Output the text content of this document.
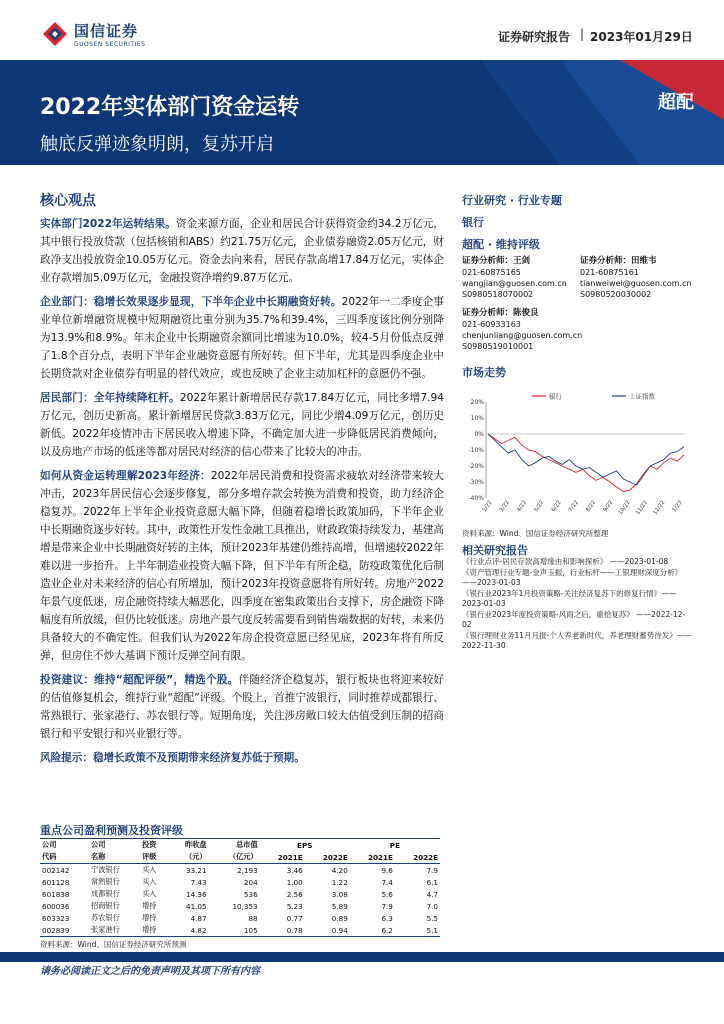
国信证券
GUOSEN SECURITIES
证券研究报告 | 2023年01月29日
2022年实体部门资金运转
触底反弹迹象明朗，复苏开启
超配
核心观点

实体部门2022年运转结果。资金来源方面，企业和居民合计获得资金约34.2万亿元，其中银行投放贷款（包括核销和ABS）约21.75万亿元，企业债券融资2.05万亿元，财政净支出投放资金10.05万亿元。资金去向来看，居民存款高增17.84万亿元，实体企业存款增加5.09万亿元，金融投资净增约9.87万亿元。

企业部门：稳增长效果逐步显现，下半年企业中长期融资好转。2022年一二季度企事业单位新增融资规模中短期融资比重分别为35.7%和39.4%，三四季度该比例分别降为13.9%和8.9%。年末企业中长期融资余额同比增速为10.0%，较4-5月份低点反弹了1.8个百分点，表明下半年企业融资意愿有所好转。但下半年，尤其是四季度企业中长期贷款对企业债券有明显的替代效应，或也反映了企业主动加杠杆的意愿仍不强。

居民部门：全年持续降杠杆。2022年累计新增居民存款17.84万亿元，同比多增7.94万亿元，创历史新高。累计新增居民贷款3.83万亿元，同比少增4.09万亿元，创历史新低。2022年疫情冲击下居民收入增速下降，不确定加大进一步降低居民消费倾向，以及房地产市场的低迷等都对居民对经济的信心带来了比较大的冲击。

如何从资金运转理解2023年经济：2022年居民消费和投资需求疲软对经济带来较大冲击，2023年居民信心会逐步修复，部分多增存款会转换为消费和投资，助力经济企稳复苏。2022年上半年企业投资意愿大幅下降，但随着稳增长政策加码，下半年企业中长期融资逐步好转。其中，政策性开发性金融工具推出，财政政策持续发力，基建高增是带来企业中长期融资好转的主体，预计2023年基建仍维持高增，但增速较2022年难以进一步抬升。上半年制造业投资大幅下降，但下半年有所企稳，防疫政策优化后制造业企业对未来经济的信心有所增加，预计2023年投资意愿将有所好转。房地产2022年景气度低迷，房企融资持续大幅恶化，四季度在密集政策出台支撑下，房企融资下降幅度有所放缓，但仍比较低迷。房地产景气度反转需要看到销售端数据的好转，未来仍具备较大的不确定性。但我们认为2022年房企投资意愿已经见底，2023年将有所反弹，但房住不炒大基调下预计反弹空间有限。

投资建议：维持“超配评级”，精选个股。伴随经济企稳复苏，银行板块也将迎来较好的估值修复机会，维持行业“超配”评级。个股上，首推宁波银行，同时推荐成都银行、常熟银行、张家港行、苏农银行等。短期角度，关注涉房敞口较大估值受到压制的招商银行和平安银行和兴业银行等。

风险提示：稳增长政策不及预期带来经济复苏低于预期。

行业研究 · 行业专题
银行
超配 · 维持评级
证券分析师：王剑
021-60875165
wangjian@guosen.com.cn
S0980518070002
证券分析师：田维韦
021-60875161
tianweiwei@guosen.com.cn
S0980520030002
证券分析师：陈俊良
021-60933163
chenjunliang@guosen.com.cn
S0980519010001
市场走势
20%
10%
0%
-10%
-20%
-30%
-40%
1/22 3/22 4/22 5/22 6/22 7/22 8/22 9/22 10/22 11/22 12/22 1/23
银行	上证指数
资料来源：Wind、国信证券经济研究所整理
相关研究报告
《行业点评-居民存款高增缘由和影响探析》 ——2023-01-08
《资产管理行业专题-金声玉振，行业标杆——工银理财深度分析》 ——2023-01-03
《银行业2023年1月投资策略-关注经济复苏下的修复行情》——2023-01-03
《银行业2023年度投资策略-风雨之后，重拾复苏》 ——2022-12-02
《银行理财业务11月月报-个人养老新时代，养老理财蓄势待发》——2022-11-30
重点公司盈利预测及投资评级
公司	公司	投资	昨收盘	总市值	EPS		PE	
代码	名称	评级	（元）	（亿元）	2021E	2022E	2021E	2022E
002142	宁波银行	买入	33.21	2,193	3.46	4.20	9.6	7.9
601128	常熟银行	买入	7.43	204	1.00	1.22	7.4	6.1
601838	成都银行	买入	14.36	536	2.56	3.08	5.6	4.7
600036	招商银行	增持	41.05	10,353	5.23	5.89	7.9	7.0
603323	苏农银行	增持	4.87	88	0.77	0.89	6.3	5.5
002839	张家港行	增持	4.82	105	0.78	0.94	6.2	5.1
资料来源：Wind、国信证券经济研究所预测
请务必阅读正文之后的免责声明及其项下所有内容
